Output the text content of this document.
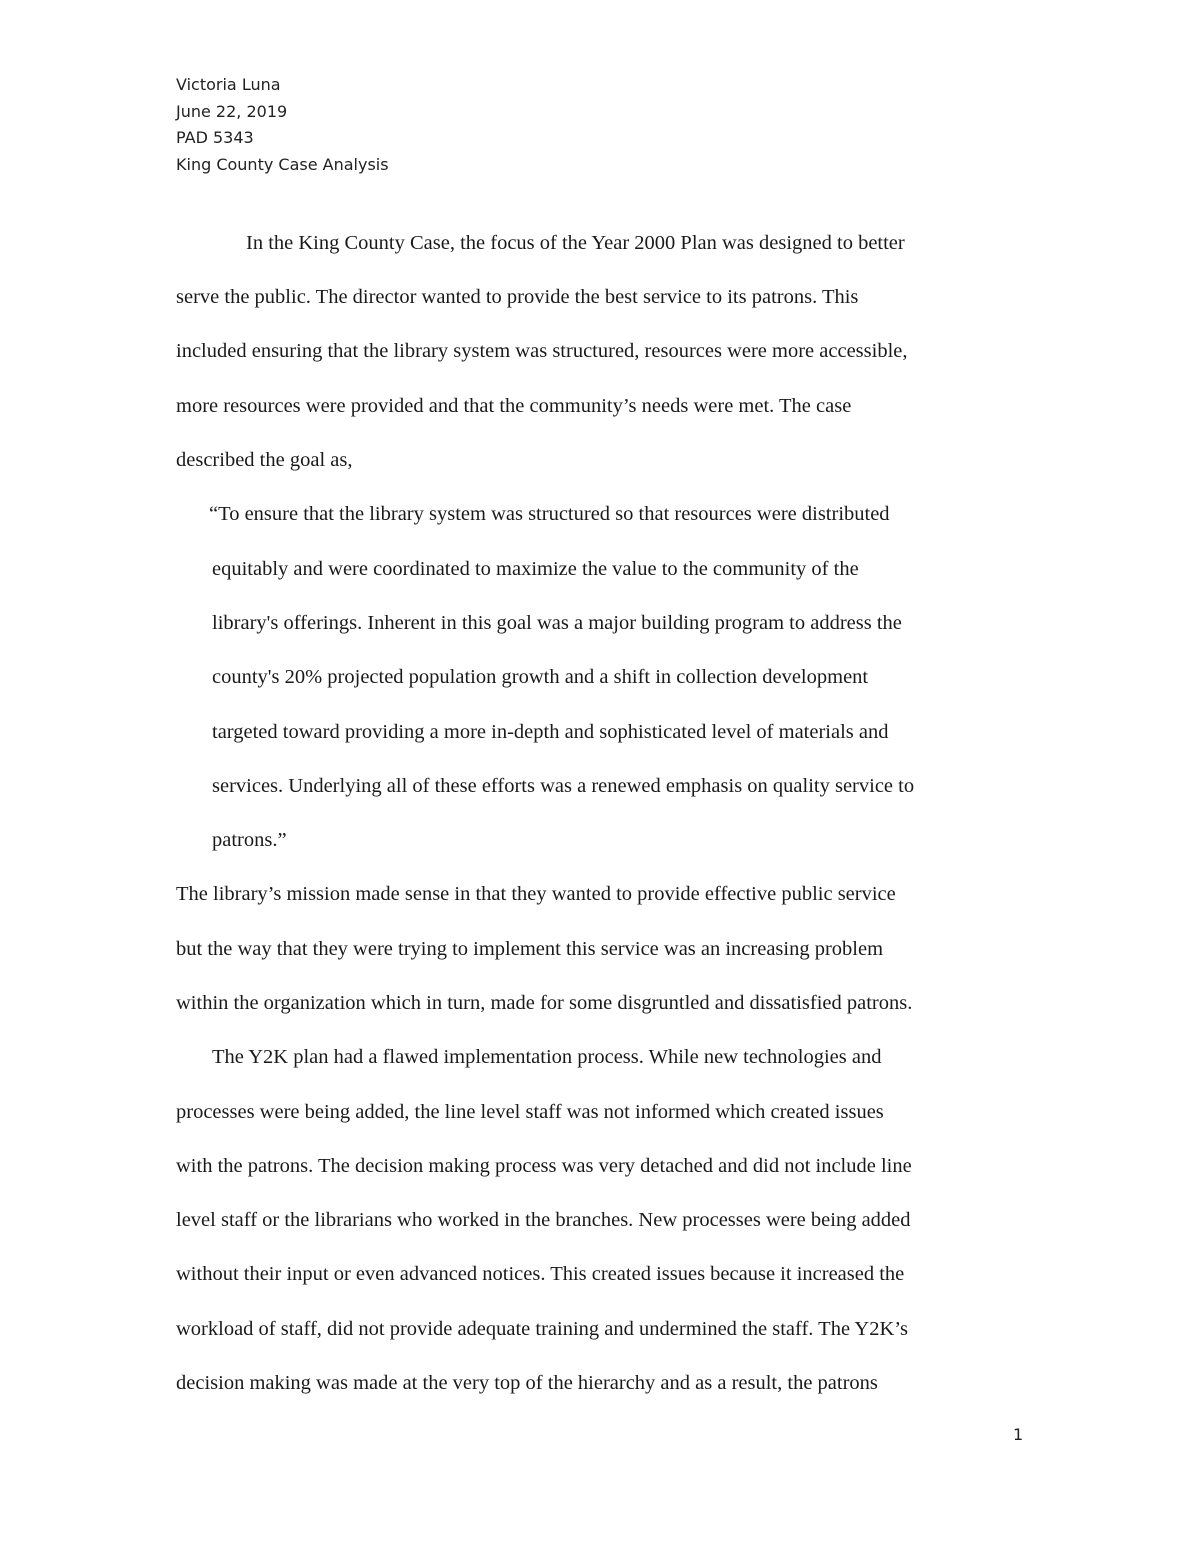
Victoria Luna
June 22, 2019
PAD 5343
King County Case Analysis
In the King County Case, the focus of the Year 2000 Plan was designed to better
serve the public. The director wanted to provide the best service to its patrons. This
included ensuring that the library system was structured, resources were more accessible,
more resources were provided and that the community’s needs were met. The case
described the goal as,
“To ensure that the library system was structured so that resources were distributed
equitably and were coordinated to maximize the value to the community of the
library's offerings. Inherent in this goal was a major building program to address the
county's 20% projected population growth and a shift in collection development
targeted toward providing a more in-depth and sophisticated level of materials and
services. Underlying all of these efforts was a renewed emphasis on quality service to
patrons.”
The library’s mission made sense in that they wanted to provide effective public service
but the way that they were trying to implement this service was an increasing problem
within the organization which in turn, made for some disgruntled and dissatisfied patrons.
The Y2K plan had a flawed implementation process. While new technologies and
processes were being added, the line level staff was not informed which created issues
with the patrons. The decision making process was very detached and did not include line
level staff or the librarians who worked in the branches. New processes were being added
without their input or even advanced notices. This created issues because it increased the
workload of staff, did not provide adequate training and undermined the staff. The Y2K’s
decision making was made at the very top of the hierarchy and as a result, the patrons
1
